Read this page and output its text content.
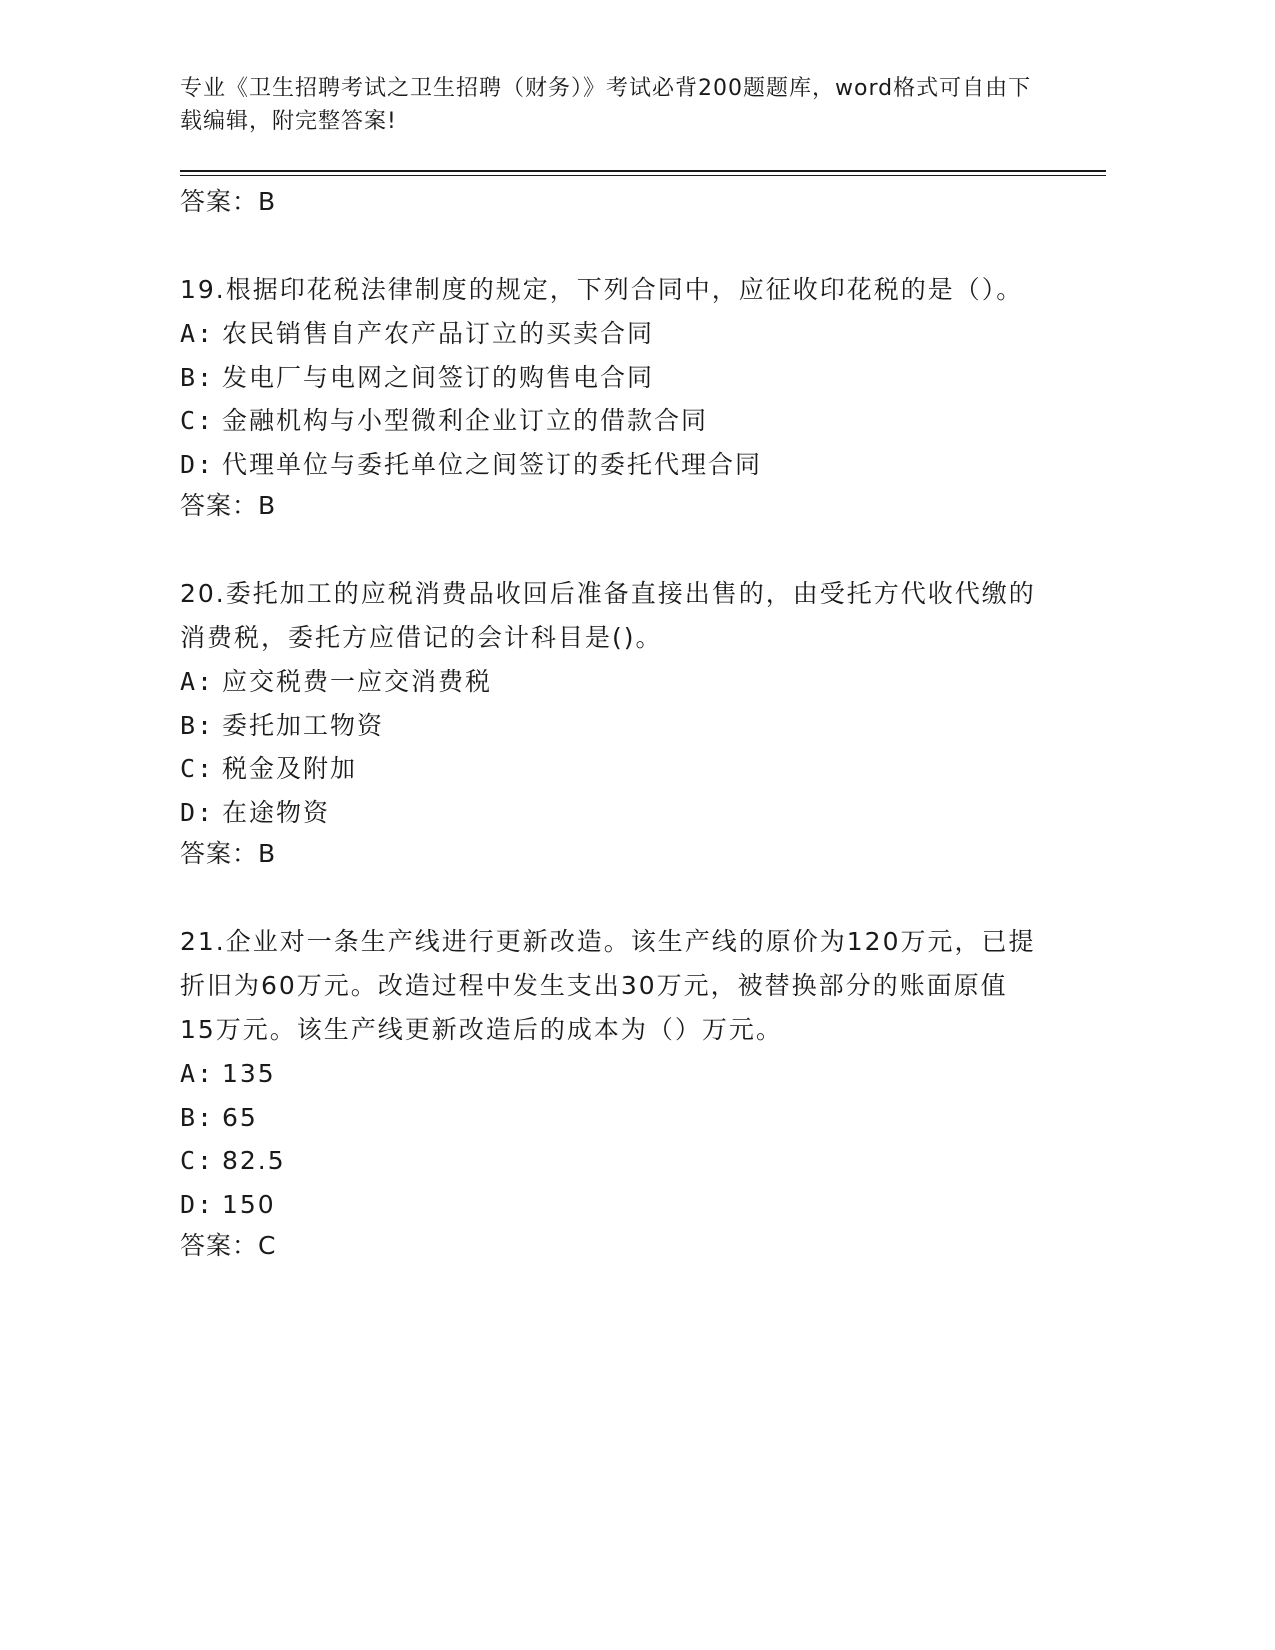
专业《卫生招聘考试之卫生招聘（财务）》考试必背200题题库，word格式可自由下载编辑，附完整答案!
答案：B
19.根据印花税法律制度的规定，下列合同中，应征收印花税的是（）。
A: 农民销售自产农产品订立的买卖合同
B: 发电厂与电网之间签订的购售电合同
C: 金融机构与小型微利企业订立的借款合同
D: 代理单位与委托单位之间签订的委托代理合同
答案：B
20.委托加工的应税消费品收回后准备直接出售的，由受托方代收代缴的消费税，委托方应借记的会计科目是()。
A: 应交税费一应交消费税
B: 委托加工物资
C: 税金及附加
D: 在途物资
答案：B
21.企业对一条生产线进行更新改造。该生产线的原价为120万元，已提折旧为60万元。改造过程中发生支出30万元，被替换部分的账面原值15万元。该生产线更新改造后的成本为（）万元。
A: 135
B: 65
C: 82.5
D: 150
答案：C
